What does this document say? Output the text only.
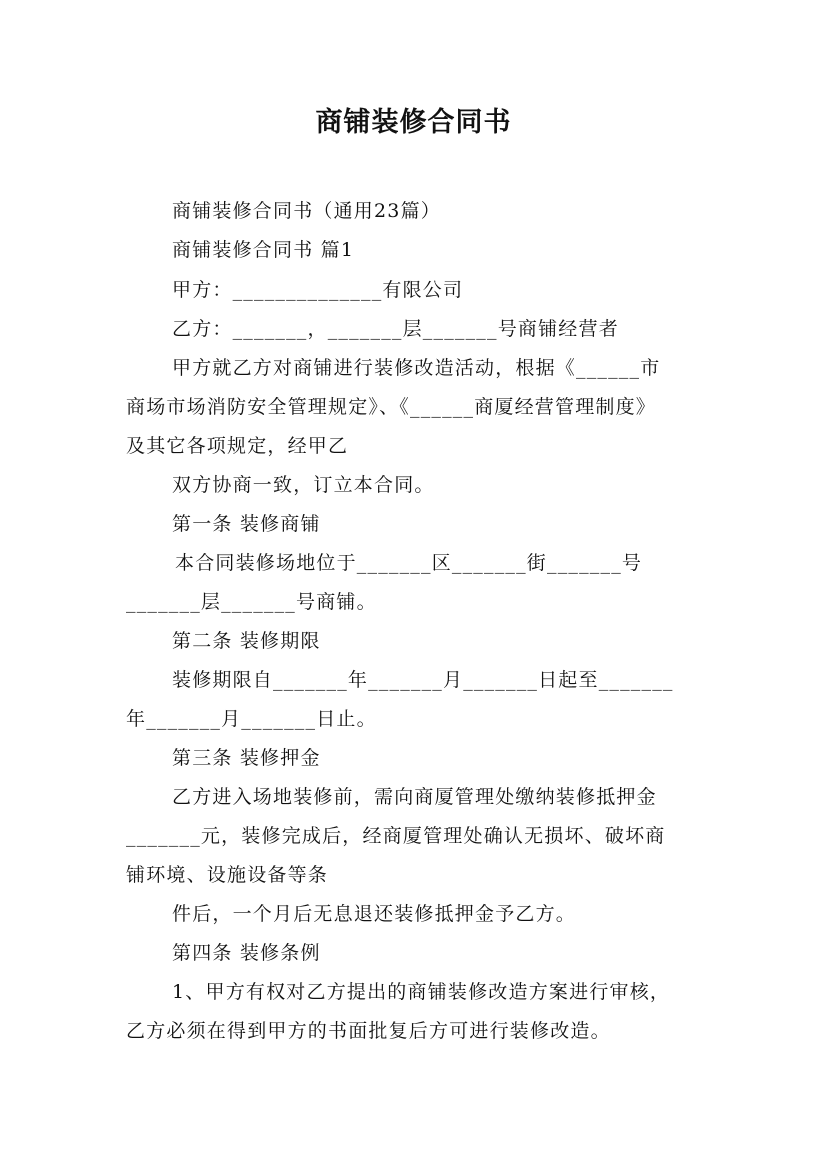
商铺装修合同书
商铺装修合同书（通用23篇）
商铺装修合同书 篇1
甲方：______________有限公司
乙方：_______，_______层_______号商铺经营者
甲方就乙方对商铺进行装修改造活动，根据《______市
商场市场消防安全管理规定》、《______商厦经营管理制度》
及其它各项规定，经甲乙
双方协商一致，订立本合同。
第一条 装修商铺
本合同装修场地位于_______区_______街_______号
_______层_______号商铺。
第二条 装修期限
装修期限自_______年_______月_______日起至_______
年_______月_______日止。
第三条 装修押金
乙方进入场地装修前，需向商厦管理处缴纳装修抵押金
_______元，装修完成后，经商厦管理处确认无损坏、破坏商
铺环境、设施设备等条
件后，一个月后无息退还装修抵押金予乙方。
第四条 装修条例
1、甲方有权对乙方提出的商铺装修改造方案进行审核，
乙方必须在得到甲方的书面批复后方可进行装修改造。
